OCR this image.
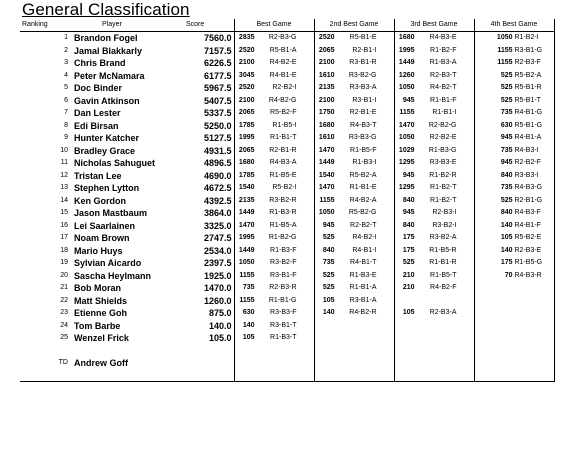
General Classification
Ranking	Player	Score	Best Game	2nd Best Game	3rd Best Game	4th Best Game
1	Brandon Fogel	7560.0	2835 R2-B3-G	2520 R5-B1-E	1680 R4-B3-E	1050 R1-B2-I
2	Jamal Blakkarly	7157.5	2520 R5-B1-A	2065 R2-B1-I	1995 R1-B2-F	1155 R3-B1-G
3	Chris Brand	6226.5	2100 R4-B2-E	2100 R3-B1-R	1449 R1-B3-A	1155 R2-B3-F
4	Peter McNamara	6177.5	3045 R4-B1-E	1610 R3-B2-G	1260 R2-B3-T	525 R5-B2-A
5	Doc Binder	5967.5	2520 R2-B2-I	2135 R3-B3-A	1050 R4-B2-T	525 R5-B1-R
6	Gavin Atkinson	5407.5	2100 R4-B2-G	2100 R3-B1-I	945 R1-B1-F	525 R5-B1-T
7	Dan Lester	5337.5	2065 R5-B2-F	1750 R2-B1-E	1155 R1-B1-I	735 R4-B1-G
8	Edi Birsan	5250.0	1785 R1-B5-I	1680 R4-B3-T	1470 R2-B2-G	630 R5-B1-G
9	Hunter Katcher	5127.5	1995 R1-B1-T	1610 R3-B3-G	1050 R2-B2-E	945 R4-B1-A
10	Bradley Grace	4931.5	2065 R2-B1-R	1470 R1-B5-F	1029 R1-B3-G	735 R4-B3-I
11	Nicholas Sahuguet	4896.5	1680 R4-B3-A	1449 R1-B3-I	1295 R3-B3-E	945 R2-B2-F
12	Tristan Lee	4690.0	1785 R1-B5-E	1540 R5-B2-A	945 R1-B2-R	840 R3-B3-I
13	Stephen Lytton	4672.5	1540 R5-B2-I	1470 R1-B1-E	1295 R1-B2-T	735 R4-B3-G
14	Ken Gordon	4392.5	2135 R3-B2-R	1155 R4-B2-A	840 R1-B2-T	525 R2-B1-G
15	Jason Mastbaum	3864.0	1449 R1-B3-R	1050 R5-B2-G	945 R2-B3-I	840 R4-B3-F
16	Lei Saarlainen	3325.0	1470 R1-B5-A	945 R2-B2-T	840 R3-B2-I	140 R4-B1-F
17	Noam Brown	2747.5	1995 R1-B2-G	525 R4-B2-I	175 R3-B2-A	105 R5-B2-E
18	Mario Huys	2534.0	1449 R1-B3-F	840 R4-B1-I	175 R1-B5-R	140 R2-B3-E
19	Sylvian Aicardo	2397.5	1050 R3-B2-F	735 R4-B1-T	525 R1-B1-R	175 R1-B5-G
20	Sascha Heylmann	1925.0	1155 R3-B1-F	525 R1-B3-E	210 R1-B5-T	70 R4-B3-R
21	Bob Moran	1470.0	735 R2-B3-R	525 R1-B1-A	210 R4-B2-F	
22	Matt Shields	1260.0	1155 R1-B1-G	105 R3-B1-A		
23	Etienne Goh	875.0	630 R3-B3-F	140 R4-B2-R	105 R2-B3-A	
24	Tom Barbe	140.0	140 R3-B1-T			
25	Wenzel Frick	105.0	105 R1-B3-T			

TD	Andrew Goff					
